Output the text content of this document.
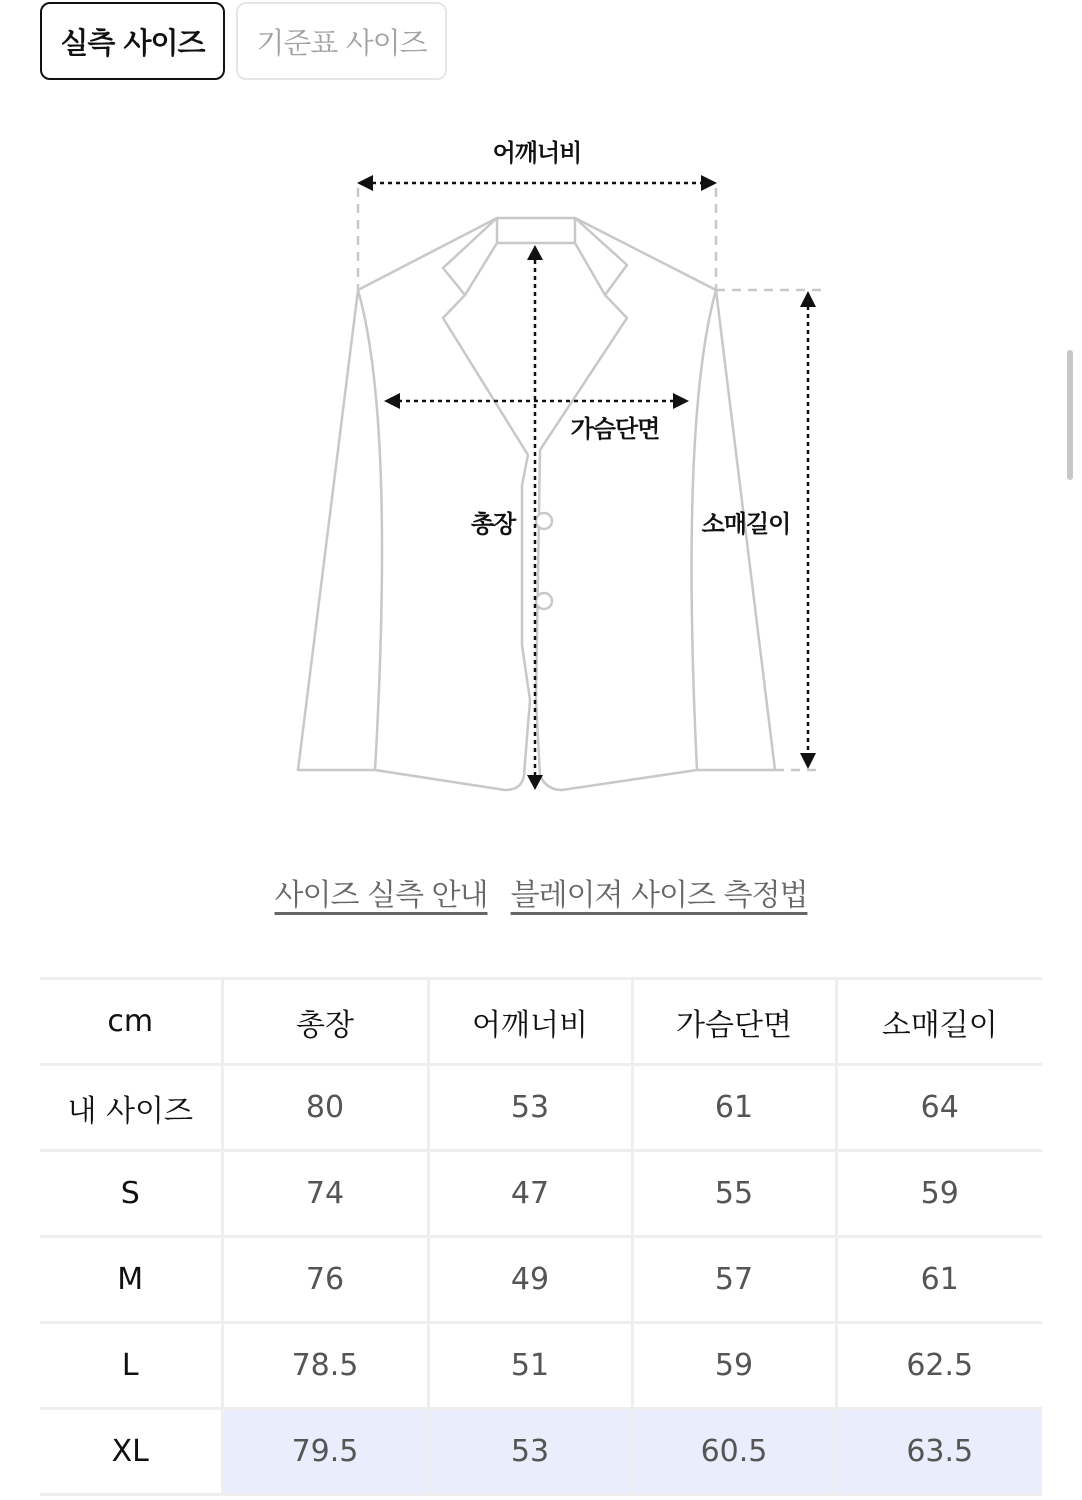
실측 사이즈	기준표 사이즈
어깨너비
가슴단면
총장	소매길이
사이즈 실측 안내 블레이져 사이즈 측정법
cm	총장	어깨너비	가슴단면	소매길이
내 사이즈	80	53	61	64
S	74	47	55	59
M	76	49	57	61
L	78.5	51	59	62.5
XL	79.5	53	60.5	63.5
